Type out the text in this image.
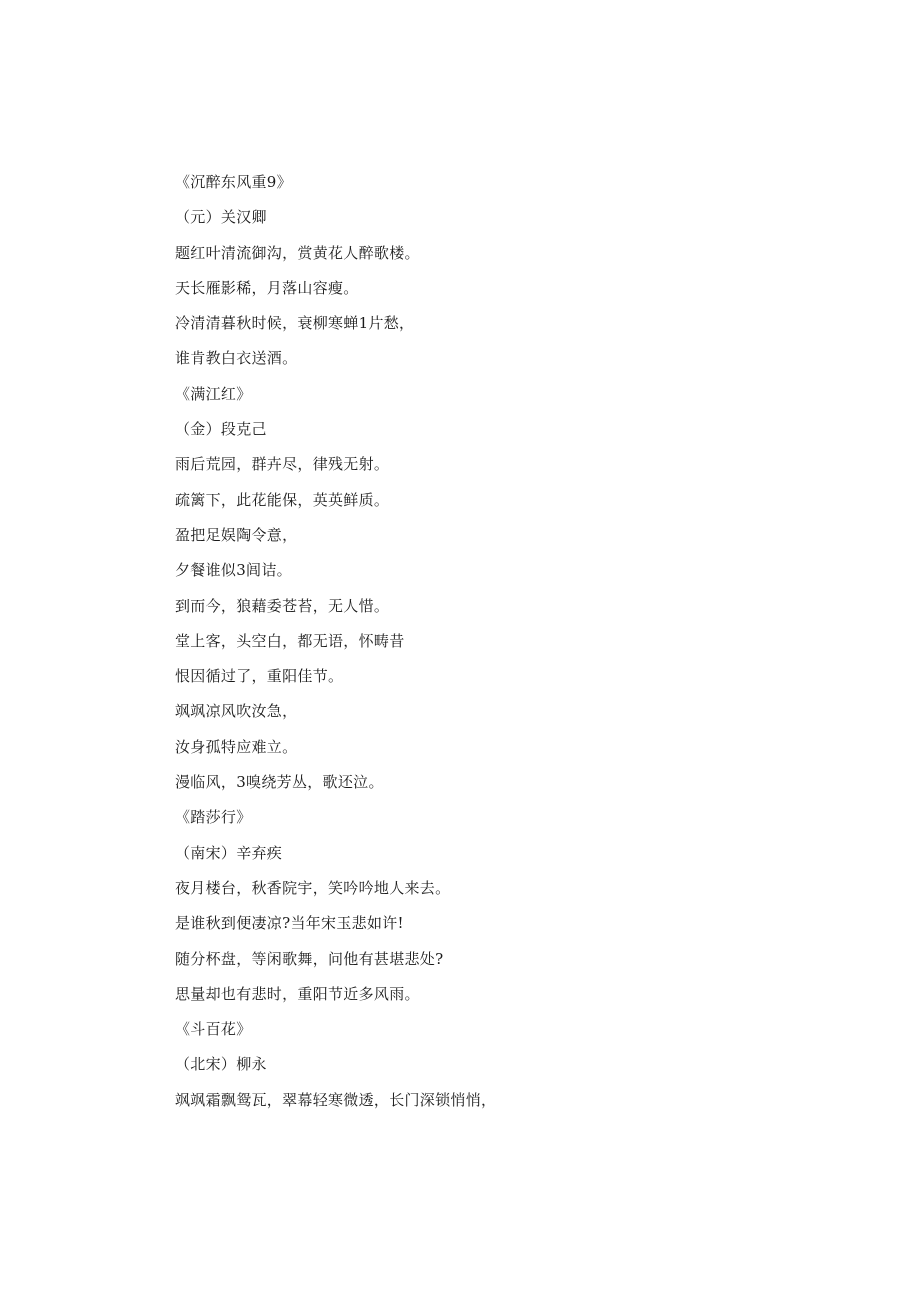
《沉醉东风重9》
（元）关汉卿
题红叶清流御沟，赏黄花人醉歌楼。
天长雁影稀，月落山容瘦。
冷清清暮秋时候，衰柳寒蝉1片愁，
谁肯教白衣送酒。
《满江红》
（金）段克己
雨后荒园，群卉尽，律残无射。
疏篱下，此花能保，英英鲜质。
盈把足娱陶令意，
夕餐谁似3闾诘。
到而今，狼藉委苍苔，无人惜。
堂上客，头空白，都无语，怀畴昔
恨因循过了，重阳佳节。
飒飒凉风吹汝急，
汝身孤特应难立。
漫临风，3嗅绕芳丛，歌还泣。
《踏莎行》
（南宋）辛弃疾
夜月楼台，秋香院宇，笑吟吟地人来去。
是谁秋到便凄凉?当年宋玉悲如许!
随分杯盘，等闲歌舞，问他有甚堪悲处?
思量却也有悲时，重阳节近多风雨。
《斗百花》
（北宋）柳永
飒飒霜飘鸳瓦，翠幕轻寒微透，长门深锁悄悄，
